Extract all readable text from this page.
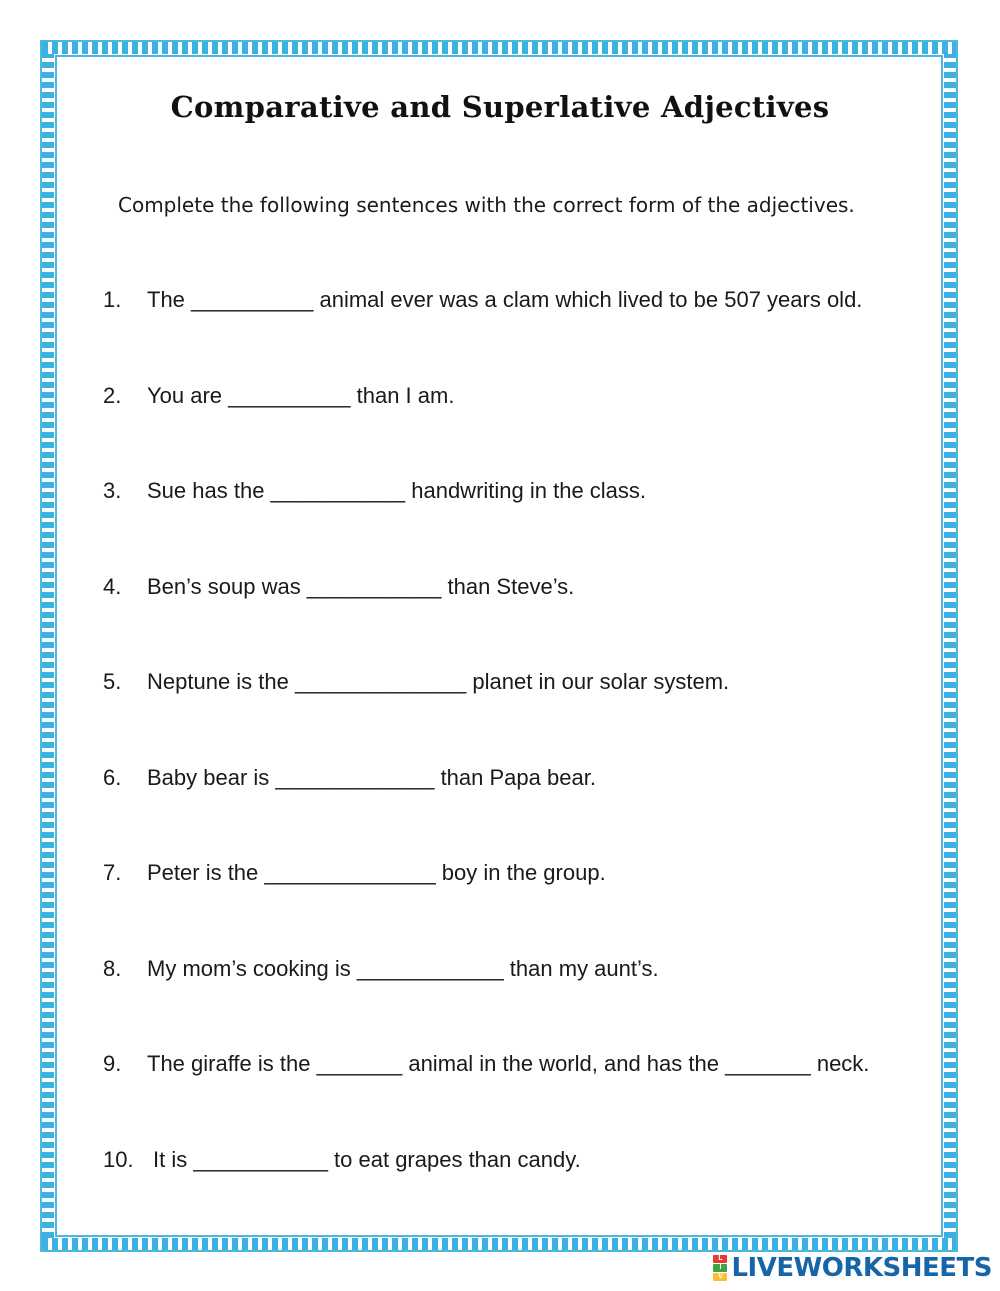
Comparative and Superlative Adjectives
Complete the following sentences with the correct form of the adjectives.
1. The __________ animal ever was a clam which lived to be 507 years old.
2. You are __________ than I am.
3. Sue has the ___________ handwriting in the class.
4. Ben’s soup was ___________ than Steve’s.
5. Neptune is the ______________ planet in our solar system.
6. Baby bear is _____________ than Papa bear.
7. Peter is the ______________ boy in the group.
8. My mom’s cooking is ____________ than my aunt’s.
9. The giraffe is the _______ animal in the world, and has the _______ neck.
10. It is ___________ to eat grapes than candy.
L
I
V LIVEWORKSHEETS
